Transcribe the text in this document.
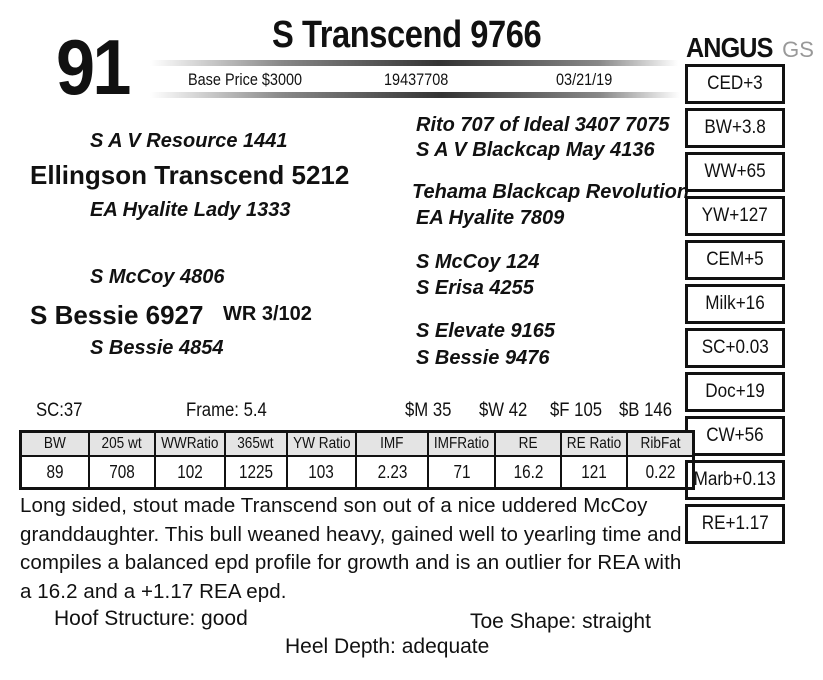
91	S Transcend 9766
Base Price $3000	19437708	03/21/19
ANGUS GS
CED+3
BW+3.8
WW+65
YW+127
CEM+5
Milk+16
SC+0.03
Doc+19
CW+56
Marb+0.13
RE+1.17
S A V Resource 1441
Ellingson Transcend 5212
EA Hyalite Lady 1333
Rito 707 of Ideal 3407 7075
S A V Blackcap May 4136
Tehama Blackcap Revolution
EA Hyalite 7809
S McCoy 4806
S Bessie 6927 WR 3/102
S Bessie 4854
S McCoy 124
S Erisa 4255
S Elevate 9165
S Bessie 9476
SC:37	Frame: 5.4	$M 35 $W 42 $F 105 $B 146
BW	205 wt	WWRatio	365wt	YW Ratio	IMF	IMFRatio	RE	RE Ratio	RibFat
89	708	102	1225	103	2.23	71	16.2	121	0.22
Long sided, stout made Transcend son out of a nice uddered McCoy granddaughter. This bull weaned heavy, gained well to yearling time and compiles a balanced epd profile for growth and is an outlier for REA with a 16.2 and a +1.17 REA epd.
Hoof Structure: good	Toe Shape: straight
Heel Depth: adequate
